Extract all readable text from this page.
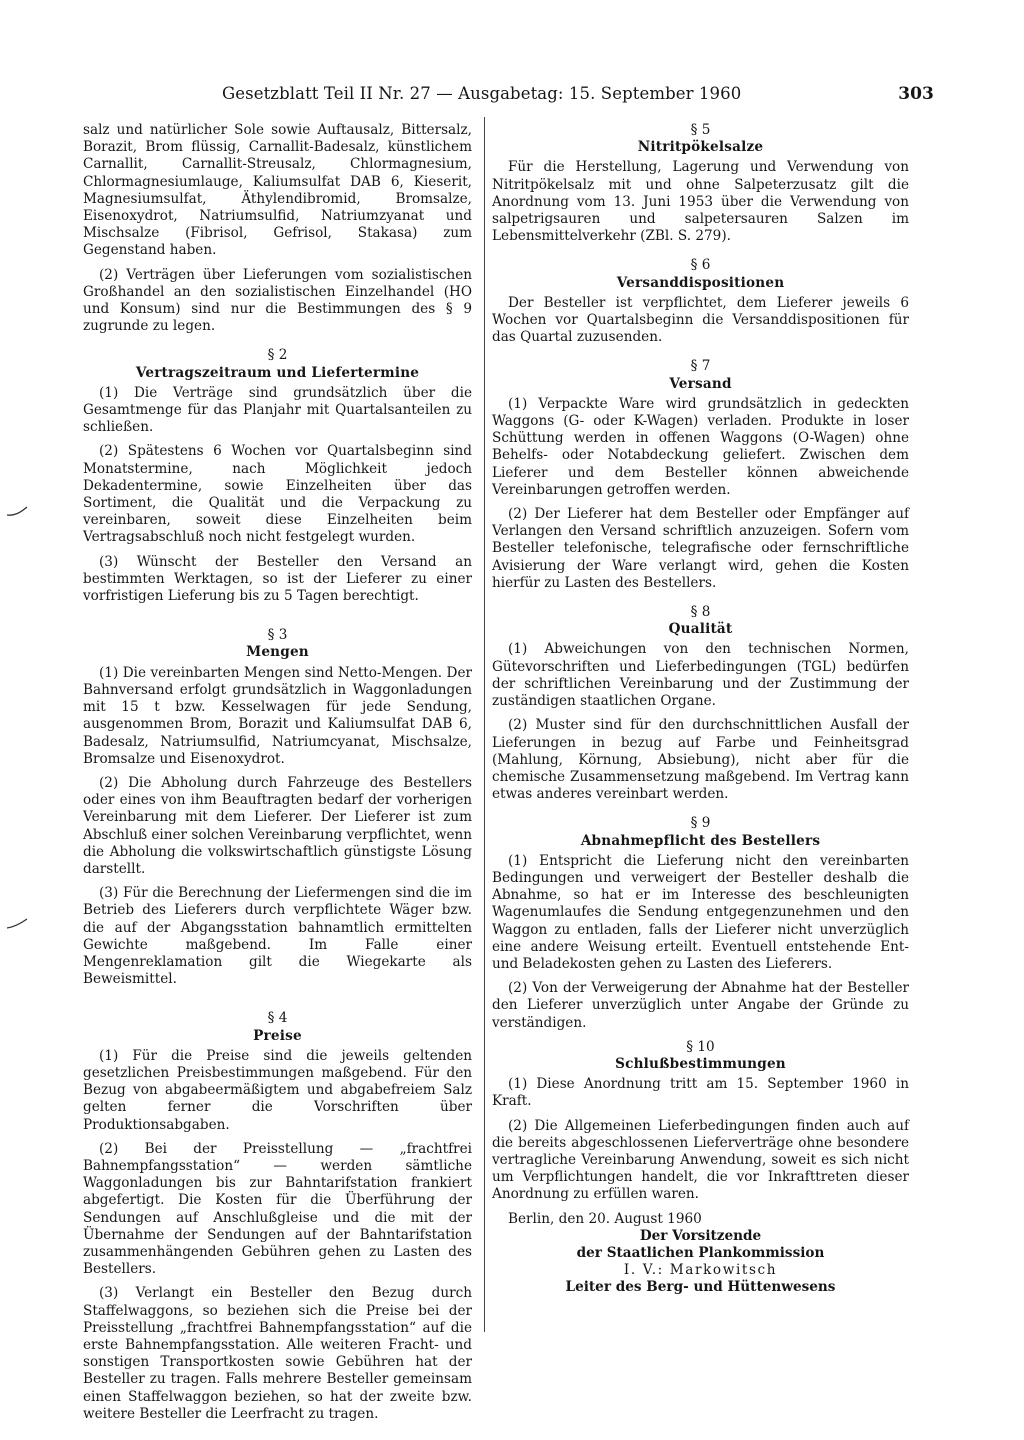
Gesetzblatt Teil II Nr. 27 — Ausgabetag: 15. September 1960	303

salz und natürlicher Sole sowie Auftausalz, Bittersalz, Borazit, Brom flüssig, Carnallit-Badesalz, künstlichem Carnallit, Carnallit-Streusalz, Chlormagnesium, Chlormagnesiumlauge, Kaliumsulfat DAB 6, Kieserit, Magnesiumsulfat, Äthylendibromid, Bromsalze, Eisenoxydrot, Natriumsulfid, Natriumzyanat und Mischsalze (Fibrisol, Gefrisol, Stakasa) zum Gegenstand haben.

(2) Verträgen über Lieferungen vom sozialistischen Großhandel an den sozialistischen Einzelhandel (HO und Konsum) sind nur die Bestimmungen des § 9 zugrunde zu legen.

§ 2
Vertragszeitraum und Liefertermine

(1) Die Verträge sind grundsätzlich über die Gesamtmenge für das Planjahr mit Quartalsanteilen zu schließen.

(2) Spätestens 6 Wochen vor Quartalsbeginn sind Monatstermine, nach Möglichkeit jedoch Dekadentermine, sowie Einzelheiten über das Sortiment, die Qualität und die Verpackung zu vereinbaren, soweit diese Einzelheiten beim Vertragsabschluß noch nicht festgelegt wurden.

(3) Wünscht der Besteller den Versand an bestimmten Werktagen, so ist der Lieferer zu einer vorfristigen Lieferung bis zu 5 Tagen berechtigt.

§ 3
Mengen

(1) Die vereinbarten Mengen sind Netto-Mengen. Der Bahnversand erfolgt grundsätzlich in Waggonladungen mit 15 t bzw. Kesselwagen für jede Sendung, ausgenommen Brom, Borazit und Kaliumsulfat DAB 6, Badesalz, Natriumsulfid, Natriumcyanat, Mischsalze, Bromsalze und Eisenoxydrot.

(2) Die Abholung durch Fahrzeuge des Bestellers oder eines von ihm Beauftragten bedarf der vorherigen Vereinbarung mit dem Lieferer. Der Lieferer ist zum Abschluß einer solchen Vereinbarung verpflichtet, wenn die Abholung die volkswirtschaftlich günstigste Lösung darstellt.

(3) Für die Berechnung der Liefermengen sind die im Betrieb des Lieferers durch verpflichtete Wäger bzw. die auf der Abgangsstation bahnamtlich ermittelten Gewichte maßgebend. Im Falle einer Mengenreklamation gilt die Wiegekarte als Beweismittel.

§ 4
Preise

(1) Für die Preise sind die jeweils geltenden gesetzlichen Preisbestimmungen maßgebend. Für den Bezug von abgabeermäßigtem und abgabefreiem Salz gelten ferner die Vorschriften über Produktionsabgaben.

(2) Bei der Preisstellung — „frachtfrei Bahnempfangsstation“ — werden sämtliche Waggonladungen bis zur Bahntarifstation frankiert abgefertigt. Die Kosten für die Überführung der Sendungen auf Anschlußgleise und die mit der Übernahme der Sendungen auf der Bahntarifstation zusammenhängenden Gebühren gehen zu Lasten des Bestellers.

(3) Verlangt ein Besteller den Bezug durch Staffelwaggons, so beziehen sich die Preise bei der Preisstellung „frachtfrei Bahnempfangsstation“ auf die erste Bahnempfangsstation. Alle weiteren Fracht- und sonstigen Transportkosten sowie Gebühren hat der Besteller zu tragen. Falls mehrere Besteller gemeinsam einen Staffelwaggon beziehen, so hat der zweite bzw. weitere Besteller die Leerfracht zu tragen.

§ 5
Nitritpökelsalze

Für die Herstellung, Lagerung und Verwendung von Nitritpökelsalz mit und ohne Salpeterzusatz gilt die Anordnung vom 13. Juni 1953 über die Verwendung von salpetrigsauren und salpetersauren Salzen im Lebensmittelverkehr (ZBl. S. 279).

§ 6
Versanddispositionen

Der Besteller ist verpflichtet, dem Lieferer jeweils 6 Wochen vor Quartalsbeginn die Versanddispositionen für das Quartal zuzusenden.

§ 7
Versand

(1) Verpackte Ware wird grundsätzlich in gedeckten Waggons (G- oder K-Wagen) verladen. Produkte in loser Schüttung werden in offenen Waggons (O-Wagen) ohne Behelfs- oder Notabdeckung geliefert. Zwischen dem Lieferer und dem Besteller können abweichende Vereinbarungen getroffen werden.

(2) Der Lieferer hat dem Besteller oder Empfänger auf Verlangen den Versand schriftlich anzuzeigen. Sofern vom Besteller telefonische, telegrafische oder fernschriftliche Avisierung der Ware verlangt wird, gehen die Kosten hierfür zu Lasten des Bestellers.

§ 8
Qualität

(1) Abweichungen von den technischen Normen, Gütevorschriften und Lieferbedingungen (TGL) bedürfen der schriftlichen Vereinbarung und der Zustimmung der zuständigen staatlichen Organe.

(2) Muster sind für den durchschnittlichen Ausfall der Lieferungen in bezug auf Farbe und Feinheitsgrad (Mahlung, Körnung, Absiebung), nicht aber für die chemische Zusammensetzung maßgebend. Im Vertrag kann etwas anderes vereinbart werden.

§ 9
Abnahmepflicht des Bestellers

(1) Entspricht die Lieferung nicht den vereinbarten Bedingungen und verweigert der Besteller deshalb die Abnahme, so hat er im Interesse des beschleunigten Wagenumlaufes die Sendung entgegenzunehmen und den Waggon zu entladen, falls der Lieferer nicht unverzüglich eine andere Weisung erteilt. Eventuell entstehende Ent- und Beladekosten gehen zu Lasten des Lieferers.

(2) Von der Verweigerung der Abnahme hat der Besteller den Lieferer unverzüglich unter Angabe der Gründe zu verständigen.

§ 10
Schlußbestimmungen

(1) Diese Anordnung tritt am 15. September 1960 in Kraft.

(2) Die Allgemeinen Lieferbedingungen finden auch auf die bereits abgeschlossenen Lieferverträge ohne besondere vertragliche Vereinbarung Anwendung, soweit es sich nicht um Verpflichtungen handelt, die vor Inkrafttreten dieser Anordnung zu erfüllen waren.

Berlin, den 20. August 1960
Der Vorsitzende
der Staatlichen Plankommission
I. V.: Markowitsch
Leiter des Berg- und Hüttenwesens
